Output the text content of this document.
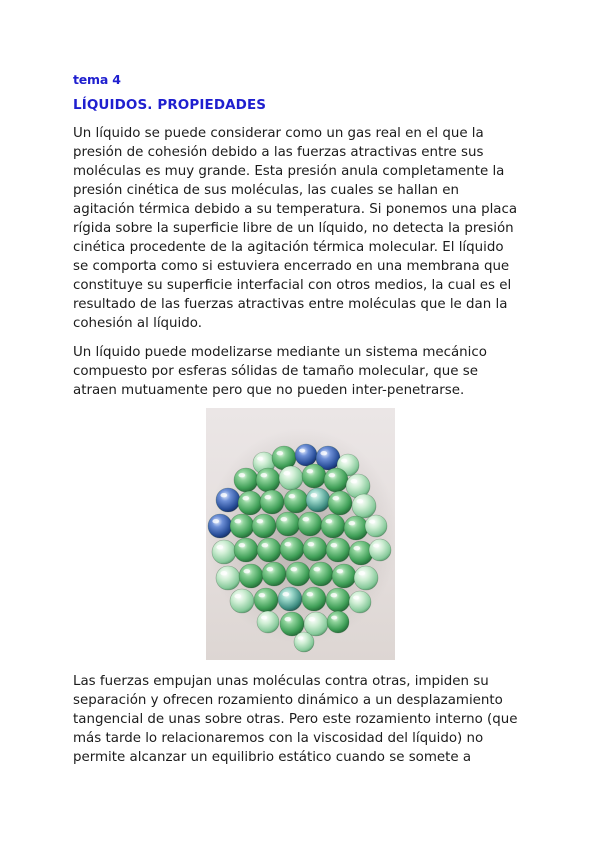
tema 4
LÍQUIDOS. PROPIEDADES

Un líquido se puede considerar como un gas real en el que la
presión de cohesión debido a las fuerzas atractivas entre sus
moléculas es muy grande. Esta presión anula completamente la
presión cinética de sus moléculas, las cuales se hallan en
agitación térmica debido a su temperatura. Si ponemos una placa
rígida sobre la superficie libre de un líquido, no detecta la presión
cinética procedente de la agitación térmica molecular. El líquido
se comporta como si estuviera encerrado en una membrana que
constituye su superficie interfacial con otros medios, la cual es el
resultado de las fuerzas atractivas entre moléculas que le dan la
cohesión al líquido.

Un líquido puede modelizarse mediante un sistema mecánico
compuesto por esferas sólidas de tamaño molecular, que se
atraen mutuamente pero que no pueden inter-penetrarse.

Las fuerzas empujan unas moléculas contra otras, impiden su
separación y ofrecen rozamiento dinámico a un desplazamiento
tangencial de unas sobre otras. Pero este rozamiento interno (que
más tarde lo relacionaremos con la viscosidad del líquido) no
permite alcanzar un equilibrio estático cuando se somete a
